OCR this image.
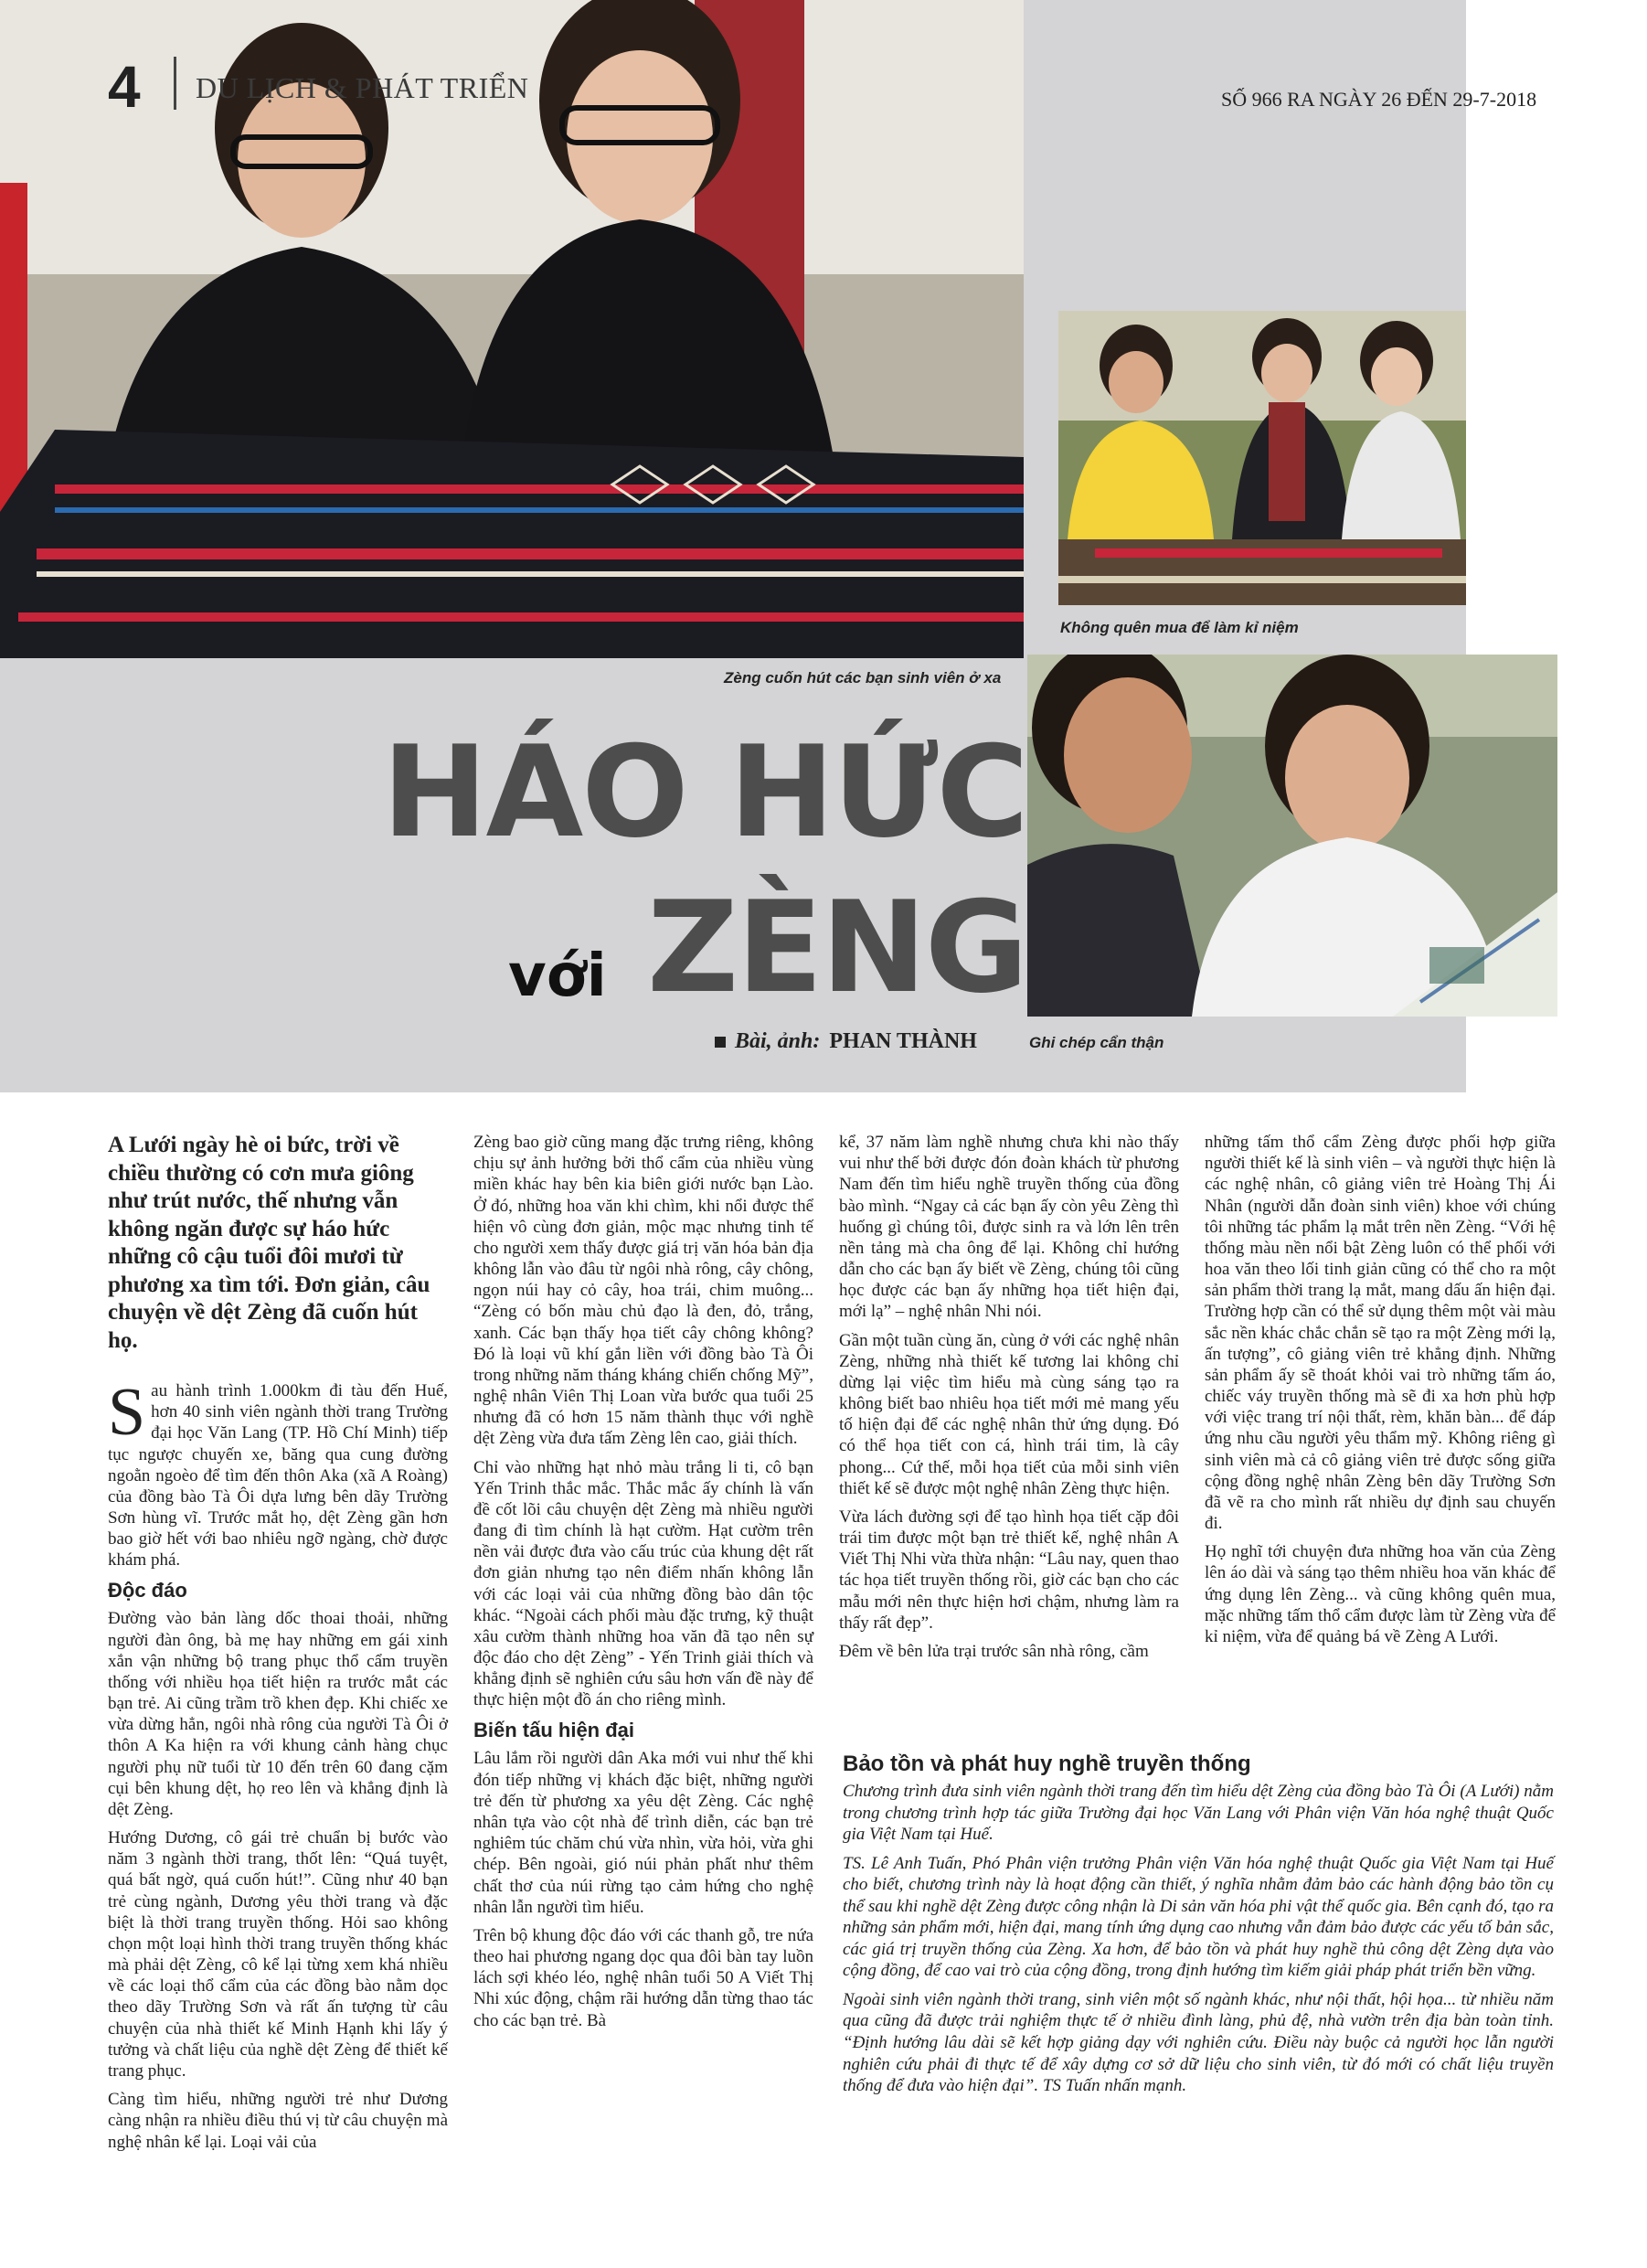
4 DU LỊCH & PHÁT TRIỂN	SỐ 966 RA NGÀY 26 ĐẾN 29-7-2018
Zèng cuốn hút các bạn sinh viên ở xa
Không quên mua để làm kỉ niệm
Ghi chép cẩn thận
HÁO HỨC
với ZÈNG
Bài, ảnh: PHAN THÀNH

A Lưới ngày hè oi bức, trời về chiều thường có cơn mưa giông như trút nước, thế nhưng vẫn không ngăn được sự háo hức những cô cậu tuổi đôi mươi từ phương xa tìm tới. Đơn giản, câu chuyện về dệt Zèng đã cuốn hút họ.

Sau hành trình 1.000km đi tàu đến Huế, hơn 40 sinh viên ngành thời trang Trường đại học Văn Lang (TP. Hồ Chí Minh) tiếp tục ngược chuyến xe, băng qua cung đường ngoằn ngoèo để tìm đến thôn Aka (xã A Roàng) của đồng bào Tà Ôi dựa lưng bên dãy Trường Sơn hùng vĩ. Trước mắt họ, dệt Zèng gần hơn bao giờ hết với bao nhiêu ngỡ ngàng, chờ được khám phá.

Độc đáo

Đường vào bản làng dốc thoai thoải, những người đàn ông, bà mẹ hay những em gái xinh xắn vận những bộ trang phục thổ cẩm truyền thống với nhiều họa tiết hiện ra trước mắt các bạn trẻ. Ai cũng trầm trồ khen đẹp. Khi chiếc xe vừa dừng hẳn, ngôi nhà rông của người Tà Ôi ở thôn A Ka hiện ra với khung cảnh hàng chục người phụ nữ tuổi từ 10 đến trên 60 đang cặm cụi bên khung dệt, họ reo lên và khẳng định là dệt Zèng.

Hướng Dương, cô gái trẻ chuẩn bị bước vào năm 3 ngành thời trang, thốt lên: “Quá tuyệt, quá bất ngờ, quá cuốn hút!”. Cũng như 40 bạn trẻ cùng ngành, Dương yêu thời trang và đặc biệt là thời trang truyền thống. Hỏi sao không chọn một loại hình thời trang truyền thống khác mà phải dệt Zèng, cô kể lại từng xem khá nhiều về các loại thổ cẩm của các đồng bào nằm dọc theo dãy Trường Sơn và rất ấn tượng từ câu chuyện của nhà thiết kế Minh Hạnh khi lấy ý tưởng và chất liệu của nghề dệt Zèng để thiết kế trang phục.

Càng tìm hiểu, những người trẻ như Dương càng nhận ra nhiều điều thú vị từ câu chuyện mà nghệ nhân kể lại. Loại vải của

Zèng bao giờ cũng mang đặc trưng riêng, không chịu sự ảnh hưởng bởi thổ cẩm của nhiều vùng miền khác hay bên kia biên giới nước bạn Lào. Ở đó, những hoa văn khi chìm, khi nổi được thể hiện vô cùng đơn giản, mộc mạc nhưng tinh tế cho người xem thấy được giá trị văn hóa bản địa không lẫn vào đâu từ ngôi nhà rông, cây chông, ngọn núi hay cỏ cây, hoa trái, chim muông... “Zèng có bốn màu chủ đạo là đen, đỏ, trắng, xanh. Các bạn thấy họa tiết cây chông không? Đó là loại vũ khí gắn liền với đồng bào Tà Ôi trong những năm tháng kháng chiến chống Mỹ”, nghệ nhân Viên Thị Loan vừa bước qua tuổi 25 nhưng đã có hơn 15 năm thành thục với nghề dệt Zèng vừa đưa tấm Zèng lên cao, giải thích.

Chỉ vào những hạt nhỏ màu trắng li ti, cô bạn Yến Trinh thắc mắc. Thắc mắc ấy chính là vấn đề cốt lõi câu chuyện dệt Zèng mà nhiều người đang đi tìm chính là hạt cườm. Hạt cườm trên nền vải được đưa vào cấu trúc của khung dệt rất đơn giản nhưng tạo nên điểm nhấn không lẫn với các loại vải của những đồng bào dân tộc khác. “Ngoài cách phối màu đặc trưng, kỹ thuật xâu cườm thành những hoa văn đã tạo nên sự độc đáo cho dệt Zèng” - Yến Trinh giải thích và khẳng định sẽ nghiên cứu sâu hơn vấn đề này để thực hiện một đồ án cho riêng mình.

Biến tấu hiện đại

Lâu lắm rồi người dân Aka mới vui như thế khi đón tiếp những vị khách đặc biệt, những người trẻ đến từ phương xa yêu dệt Zèng. Các nghệ nhân tựa vào cột nhà để trình diễn, các bạn trẻ nghiêm túc chăm chú vừa nhìn, vừa hỏi, vừa ghi chép. Bên ngoài, gió núi phản phất như thêm chất thơ của núi rừng tạo cảm hứng cho nghệ nhân lẫn người tìm hiểu.

Trên bộ khung độc đáo với các thanh gỗ, tre nứa theo hai phương ngang dọc qua đôi bàn tay luồn lách sợi khéo léo, nghệ nhân tuổi 50 A Viết Thị Nhi xúc động, chậm rãi hướng dẫn từng thao tác cho các bạn trẻ. Bà

kể, 37 năm làm nghề nhưng chưa khi nào thấy vui như thế bởi được đón đoàn khách từ phương Nam đến tìm hiểu nghề truyền thống của đồng bào mình. “Ngay cả các bạn ấy còn yêu Zèng thì huống gì chúng tôi, được sinh ra và lớn lên trên nền tảng mà cha ông để lại. Không chỉ hướng dẫn cho các bạn ấy biết về Zèng, chúng tôi cũng học được các bạn ấy những họa tiết hiện đại, mới lạ” – nghệ nhân Nhi nói.

Gần một tuần cùng ăn, cùng ở với các nghệ nhân Zèng, những nhà thiết kế tương lai không chỉ dừng lại việc tìm hiểu mà cùng sáng tạo ra không biết bao nhiêu họa tiết mới mẻ mang yếu tố hiện đại để các nghệ nhân thử ứng dụng. Đó có thể họa tiết con cá, hình trái tim, là cây phong... Cứ thế, mỗi họa tiết của mỗi sinh viên thiết kế sẽ được một nghệ nhân Zèng thực hiện.

Vừa lách đường sợi để tạo hình họa tiết cặp đôi trái tim được một bạn trẻ thiết kế, nghệ nhân A Viết Thị Nhi vừa thừa nhận: “Lâu nay, quen thao tác họa tiết truyền thống rồi, giờ các bạn cho các mẫu mới nên thực hiện hơi chậm, nhưng làm ra thấy rất đẹp”.

Đêm về bên lửa trại trước sân nhà rông, cầm

những tấm thổ cẩm Zèng được phối hợp giữa người thiết kế là sinh viên – và người thực hiện là các nghệ nhân, cô giảng viên trẻ Hoàng Thị Ái Nhân (người dẫn đoàn sinh viên) khoe với chúng tôi những tác phẩm lạ mắt trên nền Zèng. “Với hệ thống màu nền nổi bật Zèng luôn có thể phối với hoa văn theo lối tinh giản cũng có thể cho ra một sản phẩm thời trang lạ mắt, mang dấu ấn hiện đại. Trường hợp cần có thể sử dụng thêm một vài màu sắc nền khác chắc chắn sẽ tạo ra một Zèng mới lạ, ấn tượng”, cô giảng viên trẻ khẳng định. Những sản phẩm ấy sẽ thoát khỏi vai trò những tấm áo, chiếc váy truyền thống mà sẽ đi xa hơn phù hợp với việc trang trí nội thất, rèm, khăn bàn... để đáp ứng nhu cầu người yêu thẩm mỹ. Không riêng gì sinh viên mà cả cô giảng viên trẻ được sống giữa cộng đồng nghệ nhân Zèng bên dãy Trường Sơn đã vẽ ra cho mình rất nhiều dự định sau chuyến đi.

Họ nghĩ tới chuyện đưa những hoa văn của Zèng lên áo dài và sáng tạo thêm nhiều hoa văn khác để ứng dụng lên Zèng... và cũng không quên mua, mặc những tấm thổ cẩm được làm từ Zèng vừa để kỉ niệm, vừa để quảng bá về Zèng A Lưới.

Bảo tồn và phát huy nghề truyền thống

Chương trình đưa sinh viên ngành thời trang đến tìm hiểu dệt Zèng của đồng bào Tà Ôi (A Lưới) nằm trong chương trình hợp tác giữa Trường đại học Văn Lang với Phân viện Văn hóa nghệ thuật Quốc gia Việt Nam tại Huế.

TS. Lê Anh Tuấn, Phó Phân viện trưởng Phân viện Văn hóa nghệ thuật Quốc gia Việt Nam tại Huế cho biết, chương trình này là hoạt động cần thiết, ý nghĩa nhằm đảm bảo các hành động bảo tồn cụ thể sau khi nghề dệt Zèng được công nhận là Di sản văn hóa phi vật thể quốc gia. Bên cạnh đó, tạo ra những sản phẩm mới, hiện đại, mang tính ứng dụng cao nhưng vẫn đảm bảo được các yếu tố bản sắc, các giá trị truyền thống của Zèng. Xa hơn, để bảo tồn và phát huy nghề thủ công dệt Zèng dựa vào cộng đồng, để cao vai trò của cộng đồng, trong định hướng tìm kiếm giải pháp phát triển bền vững.

Ngoài sinh viên ngành thời trang, sinh viên một số ngành khác, như nội thất, hội họa... từ nhiều năm qua cũng đã được trải nghiệm thực tế ở nhiều đình làng, phủ đệ, nhà vườn trên địa bàn toàn tỉnh. “Định hướng lâu dài sẽ kết hợp giảng dạy với nghiên cứu. Điều này buộc cả người học lẫn người nghiên cứu phải đi thực tế để xây dựng cơ sở dữ liệu cho sinh viên, từ đó mới có chất liệu truyền thống để đưa vào hiện đại”. TS Tuấn nhấn mạnh.
